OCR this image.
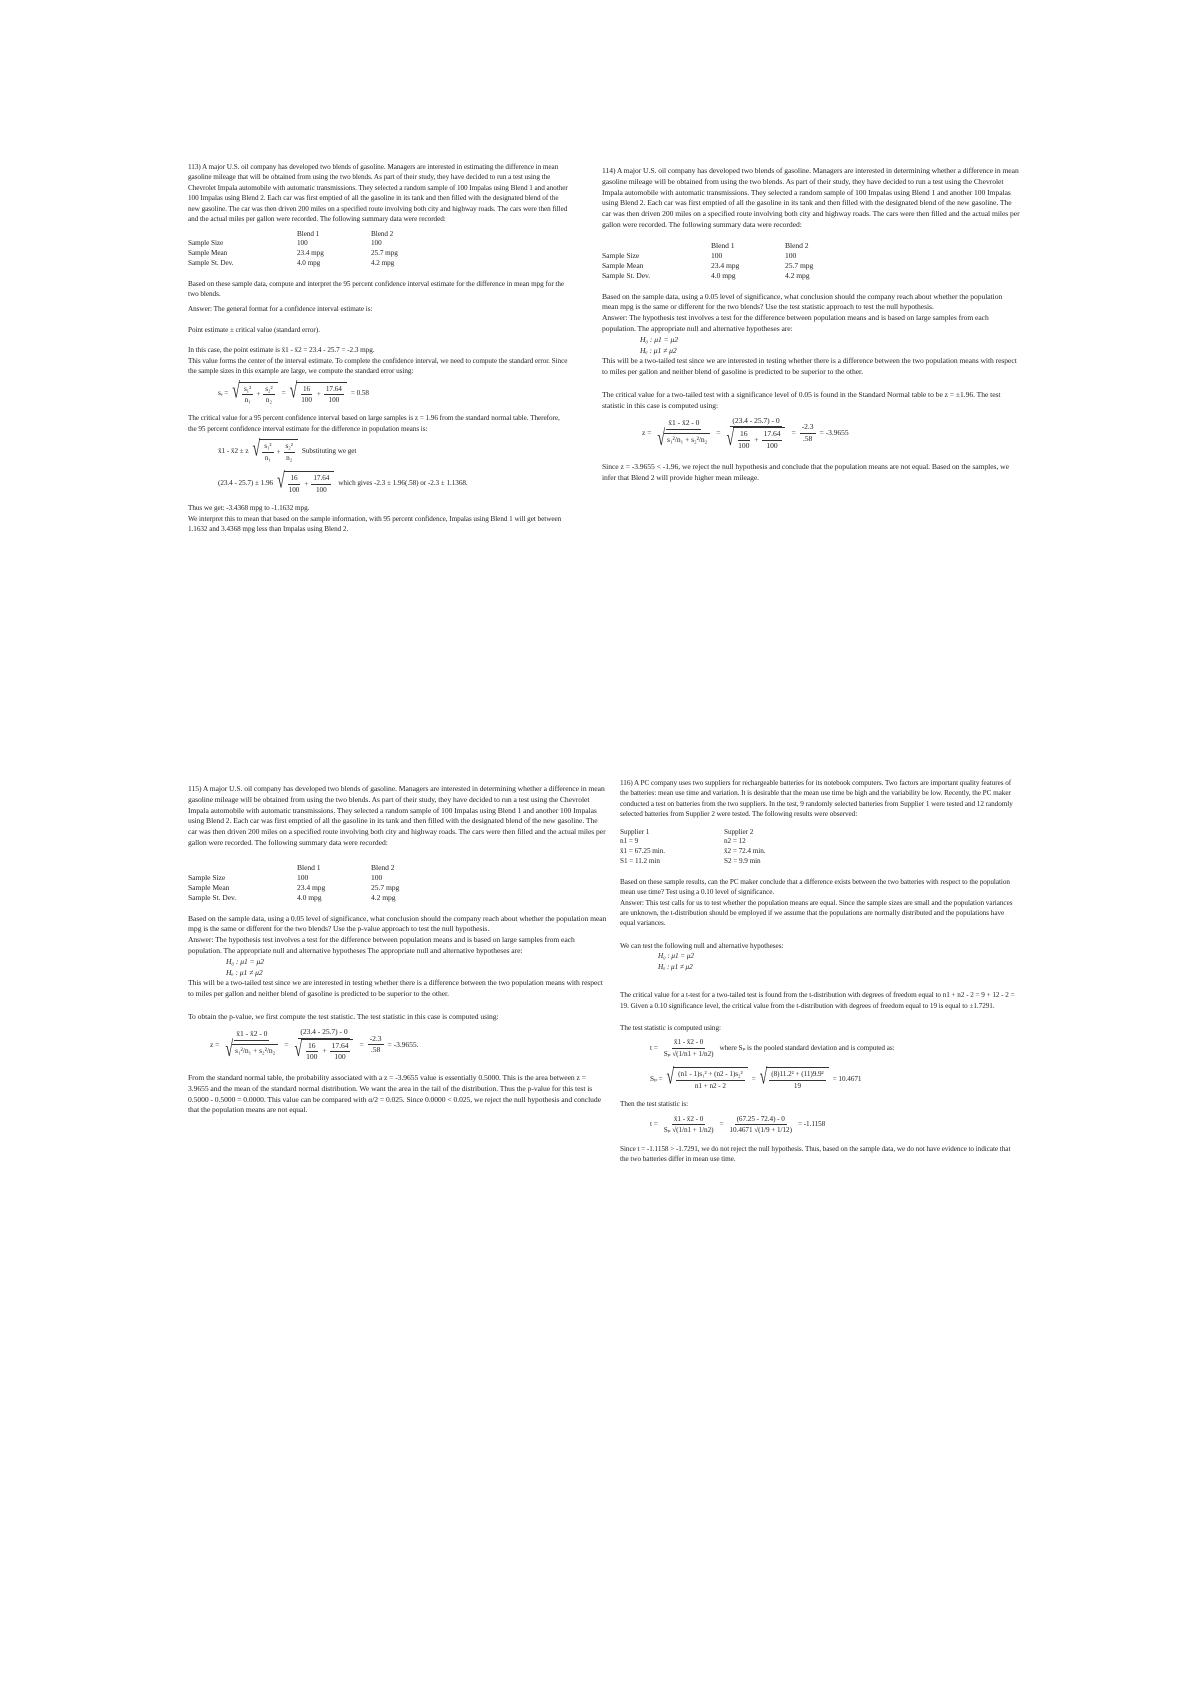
113) A major U.S. oil company has developed two blends of gasoline. Managers are interested in estimating the difference in mean gasoline mileage that will be obtained from using the two blends. As part of their study, they have decided to run a test using the Chevrolet Impala automobile with automatic transmissions. They selected a random sample of 100 Impalas using Blend 1 and another 100 Impalas using Blend 2. Each car was first emptied of all the gasoline in its tank and then filled with the designated blend of the new gasoline. The car was then driven 200 miles on a specified route involving both city and highway roads. The cars were then filled and the actual miles per gallon were recorded. The following summary data were recorded:

	Blend 1	Blend 2
Sample Size	100	100
Sample Mean	23.4 mpg	25.7 mpg
Sample St. Dev.	4.0 mpg	4.2 mpg

Based on these sample data, compute and interpret the 95 percent confidence interval estimate for the difference in mean mpg for the two blends.

Answer: The general format for a confidence interval estimate is:

Point estimate ± critical value (standard error).

In this case, the point estimate is x̄1 - x̄2 = 23.4 - 25.7 = -2.3 mpg.

This value forms the center of the interval estimate. To complete the confidence interval, we need to compute the standard error. Since the sample sizes in this example are large, we compute the standard error using:

sₑ = √ $\frac{\text{s₁²}}{\text{n₁}} + \frac{\text{s₂²}}{\text{n₂}}$ = √ $\frac{16}{100} + \frac{17.64}{100} = 0.58$

The critical value for a 95 percent confidence interval based on large samples is z = 1.96 from the standard normal table. Therefore, the 95 percent confidence interval estimate for the difference in population means is:

x̄1 - x̄2 ± z √ $\frac{\text{s₁²}}{\text{n₁}} + \frac{\text{s₂²}}{\text{n₂}}$ Substituting we get
(23.4 - 25.7) ± 1.96 √ $\frac{16}{100} + \frac{17.64}{100}$ which gives -2.3 ± 1.96(.58) or -2.3 ± 1.1368.

Thus we get: -3.4368 mpg to -1.1632 mpg.

We interpret this to mean that based on the sample information, with 95 percent confidence, Impalas using Blend 1 will get between 1.1632 and 3.4368 mpg less than Impalas using Blend 2.

114) A major U.S. oil company has developed two blends of gasoline. Managers are interested in determining whether a difference in mean gasoline mileage will be obtained from using the two blends. As part of their study, they have decided to run a test using the Chevrolet Impala automobile with automatic transmissions. They selected a random sample of 100 Impalas using Blend 1 and another 100 Impalas using Blend 2. Each car was first emptied of all the gasoline in its tank and then filled with the designated blend of the new gasoline. The car was then driven 200 miles on a specified route involving both city and highway roads. The cars were then filled and the actual miles per gallon were recorded. The following summary data were recorded:

	Blend 1	Blend 2
Sample Size	100	100
Sample Mean	23.4 mpg	25.7 mpg
Sample St. Dev.	4.0 mpg	4.2 mpg

Based on the sample data, using a 0.05 level of significance, what conclusion should the company reach about whether the population mean mpg is the same or different for the two blends? Use the test statistic approach to test the null hypothesis.

Answer: The hypothesis test involves a test for the difference between population means and is based on large samples from each population. The appropriate null and alternative hypotheses are:

H₀ : μ1 = μ2
Hₐ : μ1 ≠ μ2

This will be a two-tailed test since we are interested in testing whether there is a difference between the two population means with respect to miles per gallon and neither blend of gasoline is predicted to be superior to the other.

The critical value for a two-tailed test with a significance level of 0.05 is found in the Standard Normal table to be z = ±1.96. The test statistic in this case is computed using:

$z = \frac{x̄1 - x̄2 - 0}{\text{√ s₁²/n₁ + s₂²/n₂}} = \frac{(23.4 - 25.7) - 0}{√ \frac{16}{100} + \frac{17.64}{100}} = \frac{-2.3}{.58} = -3.9655$

Since z = -3.9655 < -1.96, we reject the null hypothesis and conclude that the population means are not equal. Based on the samples, we infer that Blend 2 will provide higher mean mileage.

115) A major U.S. oil company has developed two blends of gasoline. Managers are interested in determining whether a difference in mean gasoline mileage will be obtained from using the two blends. As part of their study, they have decided to run a test using the Chevrolet Impala automobile with automatic transmissions. They selected a random sample of 100 Impalas using Blend 1 and another 100 Impalas using Blend 2. Each car was first emptied of all the gasoline in its tank and then filled with the designated blend of the new gasoline. The car was then driven 200 miles on a specified route involving both city and highway roads. The cars were then filled and the actual miles per gallon were recorded. The following summary data were recorded:

	Blend 1	Blend 2
Sample Size	100	100
Sample Mean	23.4 mpg	25.7 mpg
Sample St. Dev.	4.0 mpg	4.2 mpg

Based on the sample data, using a 0.05 level of significance, what conclusion should the company reach about whether the population mean mpg is the same or different for the two blends? Use the p-value approach to test the null hypothesis.

Answer: The hypothesis test involves a test for the difference between population means and is based on large samples from each population. The appropriate null and alternative hypotheses The appropriate null and alternative hypotheses are:

H₀ : μ1 = μ2
Hₐ : μ1 ≠ μ2

This will be a two-tailed test since we are interested in testing whether there is a difference between the two population means with respect to miles per gallon and neither blend of gasoline is predicted to be superior to the other.

To obtain the p-value, we first compute the test statistic. The test statistic in this case is computed using:

$z = \frac{x̄1 - x̄2 - 0}{\text{√ s₁²/n₁ + s₂²/n₂}} = \frac{(23.4 - 25.7) - 0}{√ \frac{16}{100} + \frac{17.64}{100}} = \frac{-2.3}{.58} = -3.9655$.

From the standard normal table, the probability associated with a z = -3.9655 value is essentially 0.5000. This is the area between z = 3.9655 and the mean of the standard normal distribution. We want the area in the tail of the distribution. Thus the p-value for this test is 0.5000 - 0.5000 = 0.0000. This value can be compared with α/2 = 0.025. Since 0.0000 < 0.025, we reject the null hypothesis and conclude that the population means are not equal.

116) A PC company uses two suppliers for rechargeable batteries for its notebook computers. Two factors are important quality features of the batteries: mean use time and variation. It is desirable that the mean use time be high and the variability be low. Recently, the PC maker conducted a test on batteries from the two suppliers. In the test, 9 randomly selected batteries from Supplier 1 were tested and 12 randomly selected batteries from Supplier 2 were tested. The following results were observed:

Supplier 1	Supplier 2
n1 = 9	n2 = 12
x̄1 = 67.25 min.	x̄2 = 72.4 min.
S1 = 11.2 min	S2 = 9.9 min

Based on these sample results, can the PC maker conclude that a difference exists between the two batteries with respect to the population mean use time? Test using a 0.10 level of significance.

Answer: This test calls for us to test whether the population means are equal. Since the sample sizes are small and the population variances are unknown, the t-distribution should be employed if we assume that the populations are normally distributed and the populations have equal variances.

We can test the following null and alternative hypotheses:

H₀ : μ1 = μ2
Hₐ : μ1 ≠ μ2

The critical value for a t-test for a two-tailed test is found from the t-distribution with degrees of freedom equal to n1 + n2 - 2 = 9 + 12 - 2 = 19. Given a 0.10 significance level, the critical value from the t-distribution with degrees of freedom equal to 19 is equal to ±1.7291.

The test statistic is computed using:

$t = \frac{x̄1 - x̄2 - 0}{\text{Sₚ √(1/n1 + 1/n2)}}$ where Sₚ is the pooled standard deviation and is computed as:
Sₚ = √ $\frac{\text{(n1 - 1)s₁² + (n2 - 1)s₂²}}{n1 + n2 - 2}$ = √ $\frac{\text{(8)11.2² + (11)9.9²}}{19} = 10.4671$

Then the test statistic is:

$t = \frac{x̄1 - x̄2 - 0}{\text{Sₚ √(1/n1 + 1/n2)}} = \frac{(67.25 - 72.4) - 0}{10.4671 √(1/9 + 1/12)} = -1.1158$

Since t = -1.1158 > -1.7291, we do not reject the null hypothesis. Thus, based on the sample data, we do not have evidence to indicate that the two batteries differ in mean use time.
